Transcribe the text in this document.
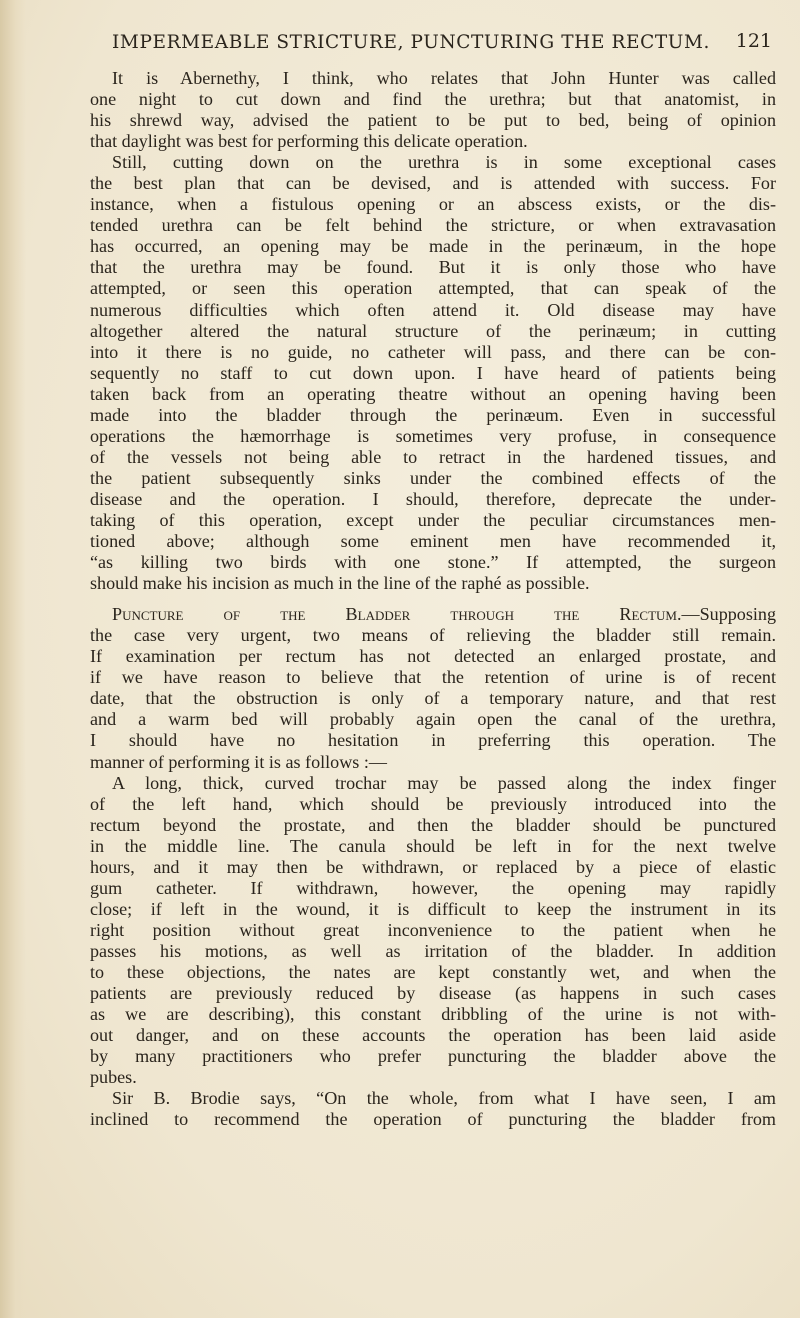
IMPERMEABLE STRICTURE, PUNCTURING THE RECTUM. 121
It is Abernethy, I think, who relates that John Hunter was called
one night to cut down and find the urethra; but that anatomist, in
his shrewd way, advised the patient to be put to bed, being of opinion
that daylight was best for performing this delicate operation.
Still, cutting down on the urethra is in some exceptional cases
the best plan that can be devised, and is attended with success. For
instance, when a fistulous opening or an abscess exists, or the dis-
tended urethra can be felt behind the stricture, or when extravasation
has occurred, an opening may be made in the perinæum, in the hope
that the urethra may be found. But it is only those who have
attempted, or seen this operation attempted, that can speak of the
numerous difficulties which often attend it. Old disease may have
altogether altered the natural structure of the perinæum; in cutting
into it there is no guide, no catheter will pass, and there can be con-
sequently no staff to cut down upon. I have heard of patients being
taken back from an operating theatre without an opening having been
made into the bladder through the perinæum. Even in successful
operations the hæmorrhage is sometimes very profuse, in consequence
of the vessels not being able to retract in the hardened tissues, and
the patient subsequently sinks under the combined effects of the
disease and the operation. I should, therefore, deprecate the under-
taking of this operation, except under the peculiar circumstances men-
tioned above; although some eminent men have recommended it,
“as killing two birds with one stone.” If attempted, the surgeon
should make his incision as much in the line of the raphé as possible.
Puncture of the Bladder through the Rectum.—Supposing
the case very urgent, two means of relieving the bladder still remain.
If examination per rectum has not detected an enlarged prostate, and
if we have reason to believe that the retention of urine is of recent
date, that the obstruction is only of a temporary nature, and that rest
and a warm bed will probably again open the canal of the urethra,
I should have no hesitation in preferring this operation. The
manner of performing it is as follows :—
A long, thick, curved trochar may be passed along the index finger
of the left hand, which should be previously introduced into the
rectum beyond the prostate, and then the bladder should be punctured
in the middle line. The canula should be left in for the next twelve
hours, and it may then be withdrawn, or replaced by a piece of elastic
gum catheter. If withdrawn, however, the opening may rapidly
close; if left in the wound, it is difficult to keep the instrument in its
right position without great inconvenience to the patient when he
passes his motions, as well as irritation of the bladder. In addition
to these objections, the nates are kept constantly wet, and when the
patients are previously reduced by disease (as happens in such cases
as we are describing), this constant dribbling of the urine is not with-
out danger, and on these accounts the operation has been laid aside
by many practitioners who prefer puncturing the bladder above the
pubes.
Sir B. Brodie says, “On the whole, from what I have seen, I am
inclined to recommend the operation of puncturing the bladder from
